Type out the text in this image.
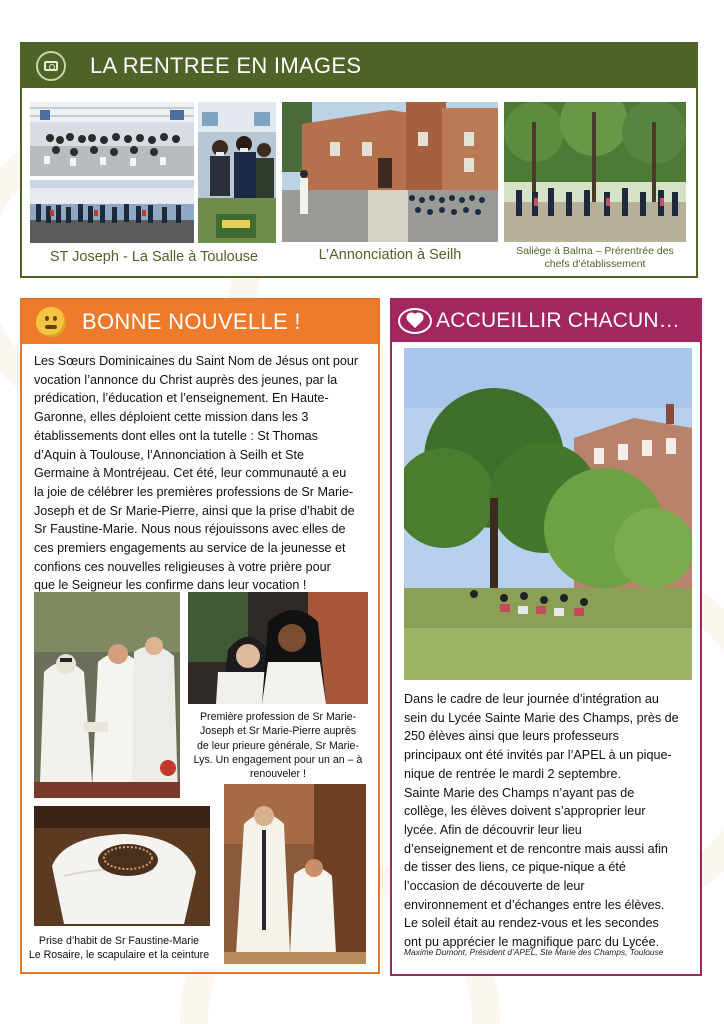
LA RENTREE EN IMAGES
ST Joseph - La Salle à Toulouse	L’Annonciation à Seilh	Saliège à Balma – Prérentrée des
chefs d’établissement
BONNE NOUVELLE !
Les Sœurs Dominicaines du Saint Nom de Jésus ont pour
vocation l’annonce du Christ auprès des jeunes, par la
prédication, l’éducation et l’enseignement. En Haute-
Garonne, elles déploient cette mission dans les 3
établissements dont elles ont la tutelle : St Thomas
d’Aquin à Toulouse, l’Annonciation à Seilh et Ste
Germaine à Montréjeau. Cet été, leur communauté a eu
la joie de célébrer les premières professions de Sr Marie-
Joseph et de Sr Marie-Pierre, ainsi que la prise d’habit de
Sr Faustine-Marie. Nous nous réjouissons avec elles de
ces premiers engagements au service de la jeunesse et
confions ces nouvelles religieuses à votre prière pour
que le Seigneur les confirme dans leur vocation !
Première profession de Sr Marie-
Joseph et Sr Marie-Pierre auprès
de leur prieure générale, Sr Marie-
Lys. Un engagement pour un an – à
renouveler !
Prise d’habit de Sr Faustine-Marie
Le Rosaire, le scapulaire et la ceinture
ACCUEILLIR CHACUN…
Dans le cadre de leur journée d’intégration au
sein du Lycée Sainte Marie des Champs, près de
250 élèves ainsi que leurs professeurs
principaux ont été invités par l’APEL à un pique-
nique de rentrée le mardi 2 septembre.
Sainte Marie des Champs n’ayant pas de
collège, les élèves doivent s’approprier leur
lycée. Afin de découvrir leur lieu
d’enseignement et de rencontre mais aussi afin
de tisser des liens, ce pique-nique a été
l’occasion de découverte de leur
environnement et d’échanges entre les élèves.
Le soleil était au rendez-vous et les secondes
ont pu apprécier le magnifique parc du Lycée.
Maxime Dumont, Président d’APEL, Ste Marie des Champs, Toulouse
